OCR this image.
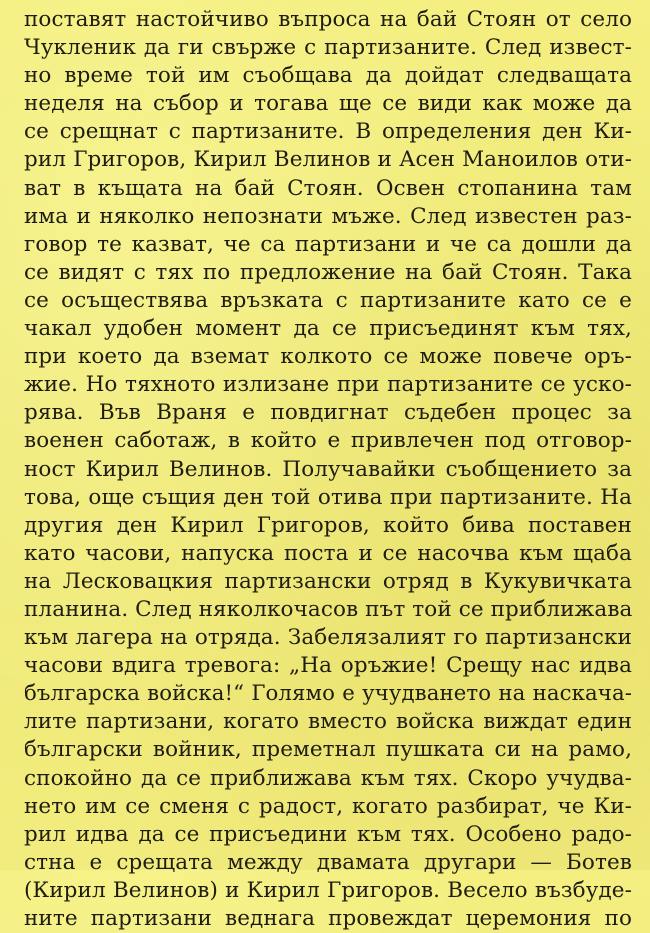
поставят настойчиво въпроса на бай Стоян от село
Чукленик да ги свърже с партизаните. След извест-
но време той им съобщава да дойдат следващата
неделя на събор и тогава ще се види как може да
се срещнат с партизаните. В определения ден Ки-
рил Григоров, Кирил Велинов и Асен Маноилов оти-
ват в къщата на бай Стоян. Освен стопанина там
има и няколко непознати мъже. След известен раз-
говор те казват, че са партизани и че са дошли да
се видят с тях по предложение на бай Стоян. Така
се осъществява връзката с партизаните като се е
чакал удобен момент да се присъединят към тях,
при което да вземат колкото се може повече оръ-
жие. Но тяхното излизане при партизаните се уско-
рява. Във Враня е повдигнат съдебен процес за
военен саботаж, в който е привлечен под отговор-
ност Кирил Велинов. Получавайки съобщението за
това, още същия ден той отива при партизаните. На
другия ден Кирил Григоров, който бива поставен
като часови, напуска поста и се насочва към щаба
на Лесковацкия партизански отряд в Кукувичката
планина. След няколкочасов път той се приближава
към лагера на отряда. Забелязалият го партизански
часови вдига тревога: „На оръжие! Срещу нас идва
българска войска!“ Голямо е учудването на наскача-
лите партизани, когато вместо войска виждат един
български войник, преметнал пушката си на рамо,
спокойно да се приближава към тях. Скоро учудва-
нето им се сменя с радост, когато разбират, че Ки-
рил идва да се присъедини към тях. Особено радо-
стна е срещата между двамата другари — Ботев
(Кирил Велинов) и Кирил Григоров. Весело възбуде-
ните партизани веднага провеждат церемония по
